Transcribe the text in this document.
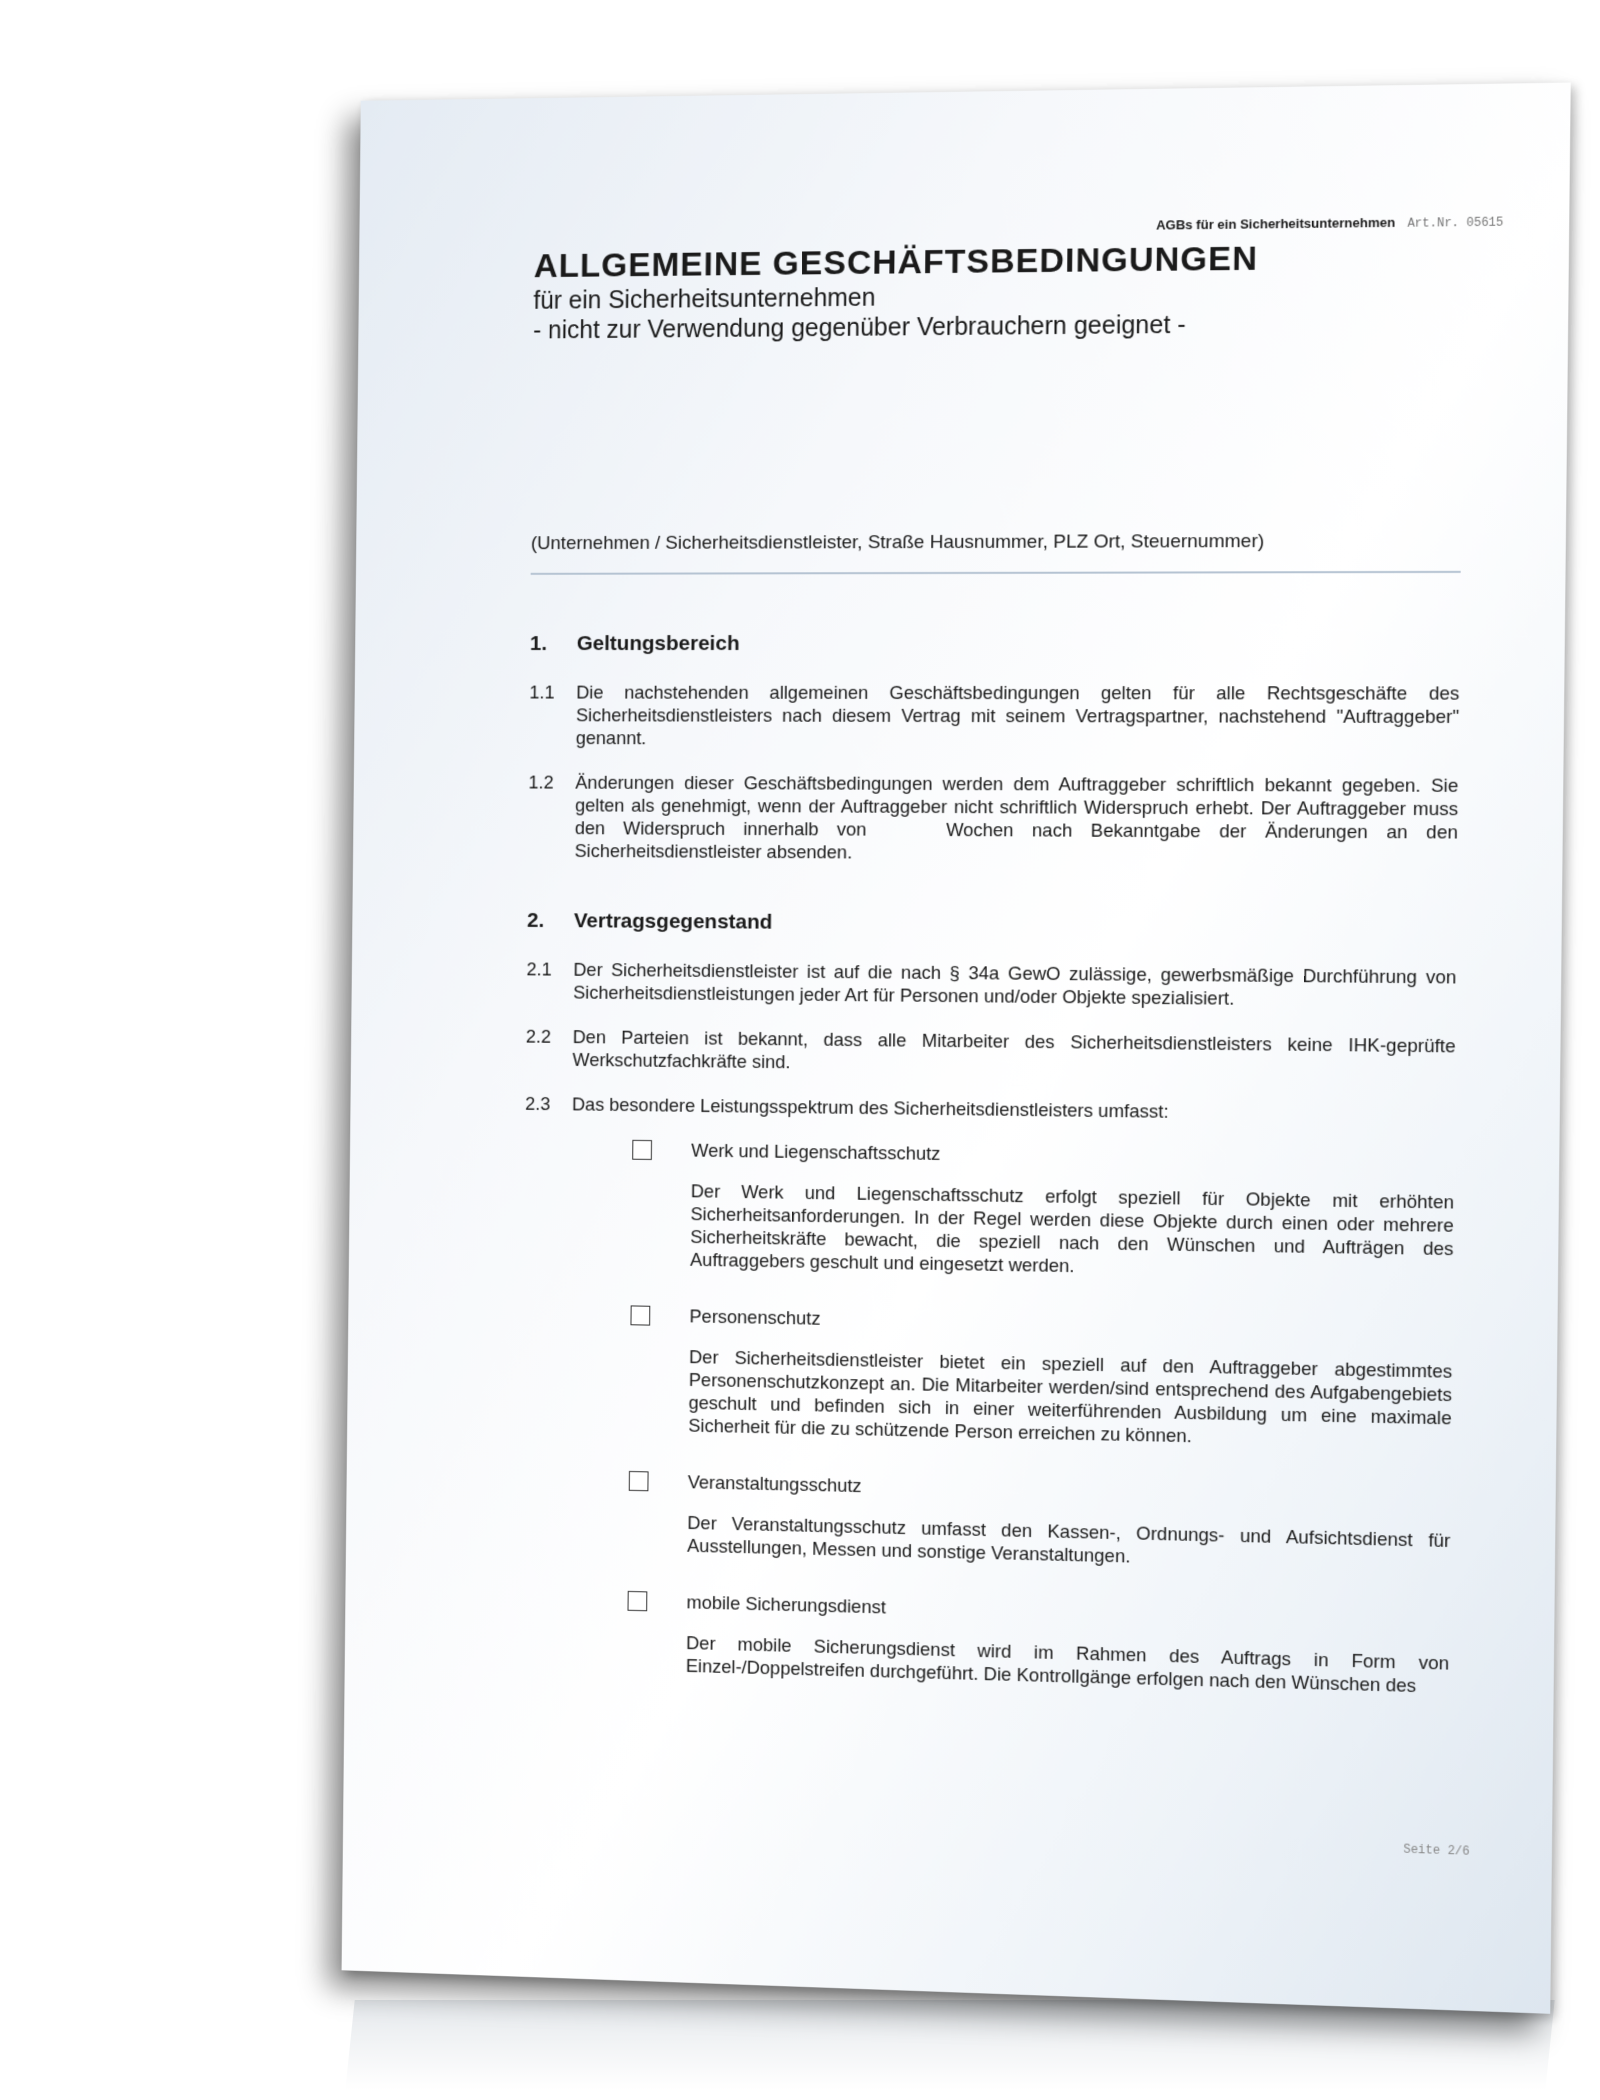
AGBs für ein Sicherheitsunternehmen Art.Nr. 05615
ALLGEMEINE GESCHÄFTSBEDINGUNGEN
für ein Sicherheitsunternehmen
- nicht zur Verwendung gegenüber Verbrauchern geeignet -
(Unternehmen / Sicherheitsdienstleister, Straße Hausnummer, PLZ Ort, Steuernummer)
1.	Geltungsbereich
1.1	Die nachstehenden allgemeinen Geschäftsbedingungen gelten für alle Rechtsgeschäfte des Sicherheitsdienstleisters nach diesem Vertrag mit seinem Vertragspartner, nachstehend "Auftraggeber" genannt.
1.2	Änderungen dieser Geschäftsbedingungen werden dem Auftraggeber schriftlich bekannt gegeben. Sie gelten als genehmigt, wenn der Auftraggeber nicht schriftlich Widerspruch erhebt. Der Auftraggeber muss den Widerspruch innerhalb von	Wochen nach Bekanntgabe der Änderungen an den Sicherheitsdienstleister absenden.
2.	Vertragsgegenstand
2.1	Der Sicherheitsdienstleister ist auf die nach § 34a GewO zulässige, gewerbsmäßige Durchführung von Sicherheitsdienstleistungen jeder Art für Personen und/oder Objekte spezialisiert.
2.2	Den Parteien ist bekannt, dass alle Mitarbeiter des Sicherheitsdienstleisters keine IHK-geprüfte Werkschutzfachkräfte sind.
2.3	Das besondere Leistungsspektrum des Sicherheitsdienstleisters umfasst:
Werk und Liegenschaftsschutz
Der Werk und Liegenschaftsschutz erfolgt speziell für Objekte mit erhöhten Sicherheitsanforderungen. In der Regel werden diese Objekte durch einen oder mehrere Sicherheitskräfte bewacht, die speziell nach den Wünschen und Aufträgen des Auftraggebers geschult und eingesetzt werden.
Personenschutz
Der Sicherheitsdienstleister bietet ein speziell auf den Auftraggeber abgestimmtes Personenschutzkonzept an. Die Mitarbeiter werden/sind entsprechend des Aufgabengebiets geschult und befinden sich in einer weiterführenden Ausbildung um eine maximale Sicherheit für die zu schützende Person erreichen zu können.
Veranstaltungsschutz
Der Veranstaltungsschutz umfasst den Kassen-, Ordnungs- und Aufsichtsdienst für Ausstellungen, Messen und sonstige Veranstaltungen.
mobile Sicherungsdienst
Der mobile Sicherungsdienst wird im Rahmen des Auftrags in Form von Einzel-/Doppelstreifen durchgeführt. Die Kontrollgänge erfolgen nach den Wünschen des
Seite 2/6
